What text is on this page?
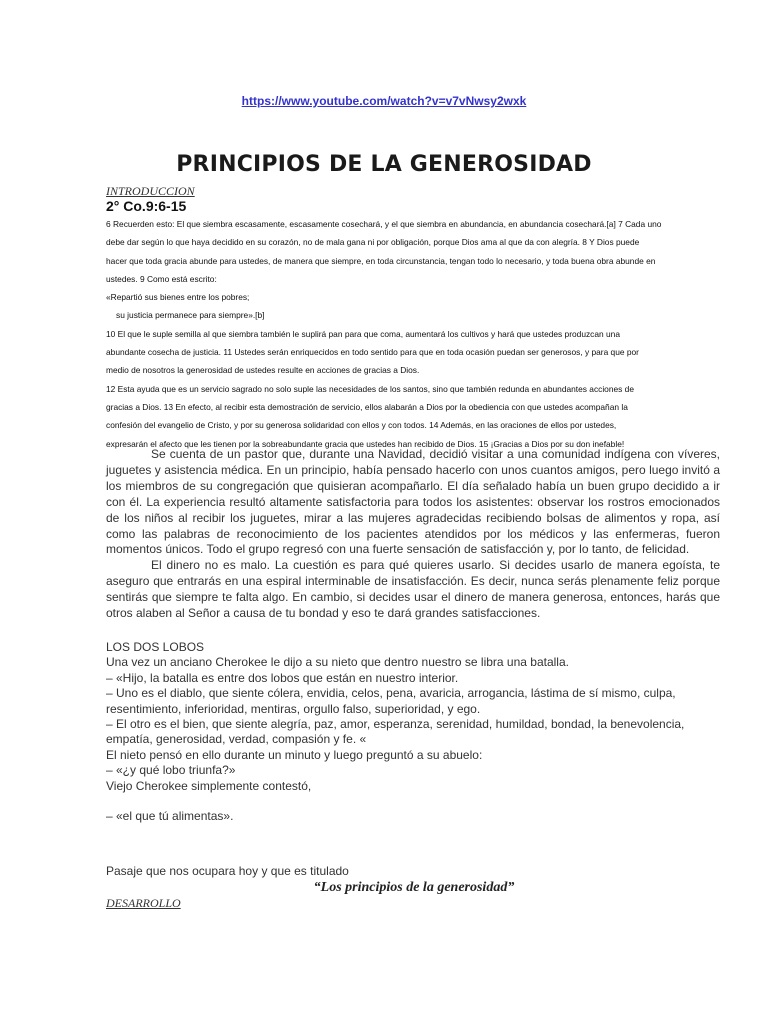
https://www.youtube.com/watch?v=v7vNwsy2wxk
PRINCIPIOS DE LA GENEROSIDAD
INTRODUCCION
2° Co.9:6-15
6 Recuerden esto: El que siembra escasamente, escasamente cosechará, y el que siembra en abundancia, en abundancia cosechará.[a] 7 Cada uno
debe dar según lo que haya decidido en su corazón, no de mala gana ni por obligación, porque Dios ama al que da con alegría. 8 Y Dios puede
hacer que toda gracia abunde para ustedes, de manera que siempre, en toda circunstancia, tengan todo lo necesario, y toda buena obra abunde en
ustedes. 9 Como está escrito:
«Repartió sus bienes entre los pobres;
su justicia permanece para siempre».[b]
10 El que le suple semilla al que siembra también le suplirá pan para que coma, aumentará los cultivos y hará que ustedes produzcan una
abundante cosecha de justicia. 11 Ustedes serán enriquecidos en todo sentido para que en toda ocasión puedan ser generosos, y para que por
medio de nosotros la generosidad de ustedes resulte en acciones de gracias a Dios.
12 Esta ayuda que es un servicio sagrado no solo suple las necesidades de los santos, sino que también redunda en abundantes acciones de
gracias a Dios. 13 En efecto, al recibir esta demostración de servicio, ellos alabarán a Dios por la obediencia con que ustedes acompañan la
confesión del evangelio de Cristo, y por su generosa solidaridad con ellos y con todos. 14 Además, en las oraciones de ellos por ustedes,
expresarán el afecto que les tienen por la sobreabundante gracia que ustedes han recibido de Dios. 15 ¡Gracias a Dios por su don inefable!

Se cuenta de un pastor que, durante una Navidad, decidió visitar a una comunidad indígena con víveres, juguetes y asistencia médica. En un principio, había pensado hacerlo con unos cuantos amigos, pero luego invitó a los miembros de su congregación que quisieran acompañarlo. El día señalado había un buen grupo decidido a ir con él. La experiencia resultó altamente satisfactoria para todos los asistentes: observar los rostros emocionados de los niños al recibir los juguetes, mirar a las mujeres agradecidas recibiendo bolsas de alimentos y ropa, así como las palabras de reconocimiento de los pacientes atendidos por los médicos y las enfermeras, fueron momentos únicos. Todo el grupo regresó con una fuerte sensación de satisfacción y, por lo tanto, de felicidad.

El dinero no es malo. La cuestión es para qué quieres usarlo. Si decides usarlo de manera egoísta, te aseguro que entrarás en una espiral interminable de insatisfacción. Es decir, nunca serás plenamente feliz porque sentirás que siempre te falta algo. En cambio, si decides usar el dinero de manera generosa, entonces, harás que otros alaben al Señor a causa de tu bondad y eso te dará grandes satisfacciones.

LOS DOS LOBOS
Una vez un anciano Cherokee le dijo a su nieto que dentro nuestro se libra una batalla.
– «Hijo, la batalla es entre dos lobos que están en nuestro interior.
– Uno es el diablo, que siente cólera, envidia, celos, pena, avaricia, arrogancia, lástima de sí mismo, culpa,
resentimiento, inferioridad, mentiras, orgullo falso, superioridad, y ego.
– El otro es el bien, que siente alegría, paz, amor, esperanza, serenidad, humildad, bondad, la benevolencia,
empatía, generosidad, verdad, compasión y fe. «
El nieto pensó en ello durante un minuto y luego preguntó a su abuelo:
– «¿y qué lobo triunfa?»
Viejo Cherokee simplemente contestó,
– «el que tú alimentas».
Pasaje que nos ocupara hoy y que es titulado
“Los principios de la generosidad”
DESARROLLO
